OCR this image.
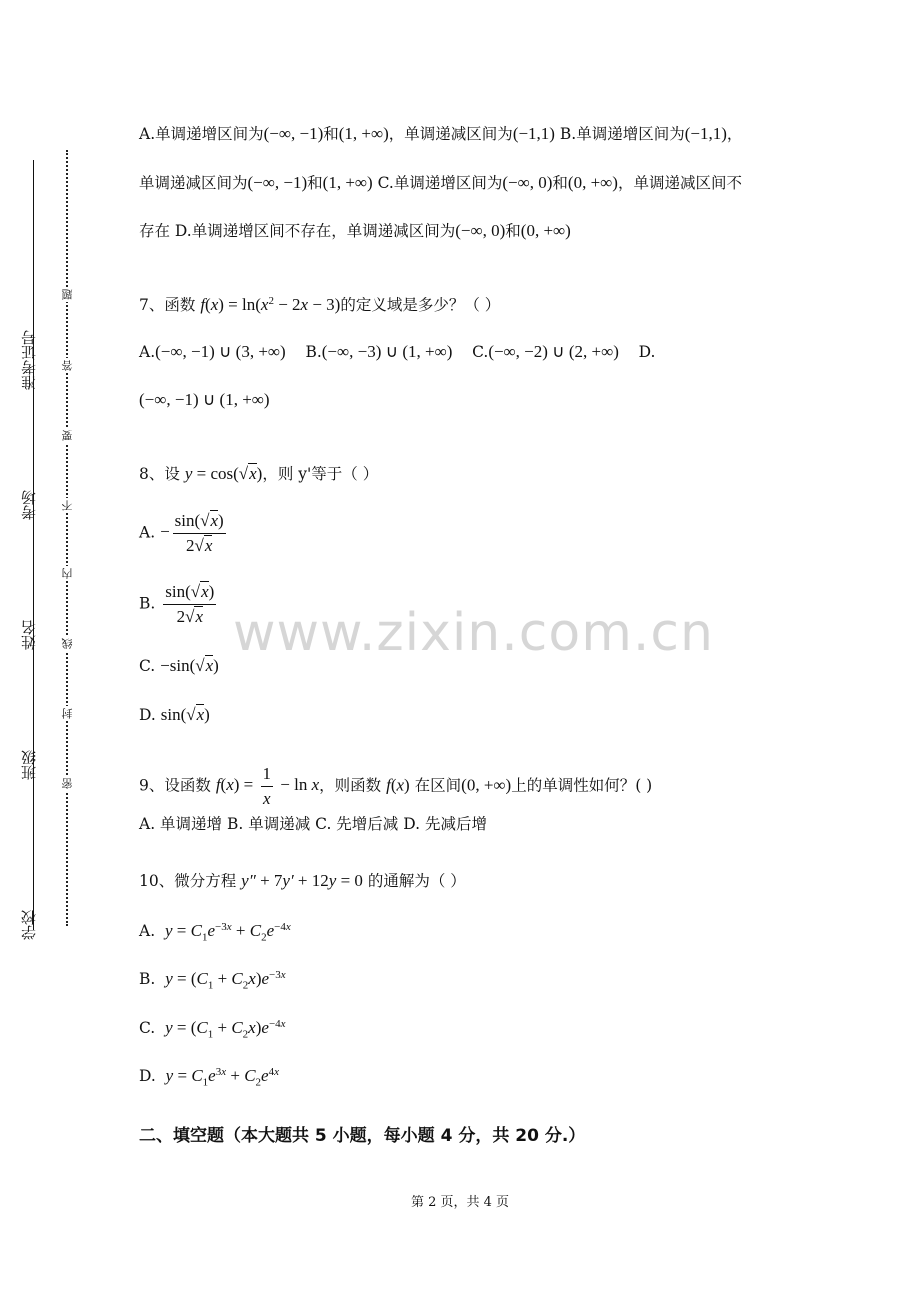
准考证号
考场
姓名
班级
学校
题
答
要
不
内
线
封
密
A.单调递增区间为(−∞, −1)和(1, +∞)，单调递减区间为(−1,1) B.单调递增区间为(−1,1)，
单调递减区间为(−∞, −1)和(1, +∞) C.单调递增区间为(−∞, 0)和(0, +∞)，单调递减区间不
存在 D.单调递增区间不存在，单调递减区间为(−∞, 0)和(0, +∞)
7、函数 $f(x) = \ln(x^2 - 2x - 3)$的定义域是多少？（ ）
A.(−∞, −1) ∪ (3, +∞) B.(−∞, −3) ∪ (1, +∞) C.(−∞, −2) ∪ (2, +∞) D.
(−∞, −1) ∪ (1, +∞)
8、设 y = cos(√x)，则 y'等于（ ）
A. − $\frac{\sin(√x)}{2√x}$
B. $\frac{\sin(√x)}{2√x}$
C. −sin(√x)
D. sin(√x)
9、设函数 $f(x) = \frac{1}{x} - \ln x$，则函数 f(x) 在区间(0, +∞)上的单调性如何？( )
A. 单调递增 B. 单调递减 C. 先增后减 D. 先减后增
10、微分方程 y″ + 7y′ + 12y = 0 的通解为（ ）
A. $y = C_1e^{-3x} + C_2e^{-4x}$
B. $y = (C_1 + C_2x)e^{-3x}$
C. $y = (C_1 + C_2x)e^{-4x}$
D. $y = C_1e^{3x} + C_2e^{4x}$
二、填空题（本大题共 5 小题，每小题 4 分，共 20 分.）
www.zixin.com.cn
第 2 页，共 4 页
